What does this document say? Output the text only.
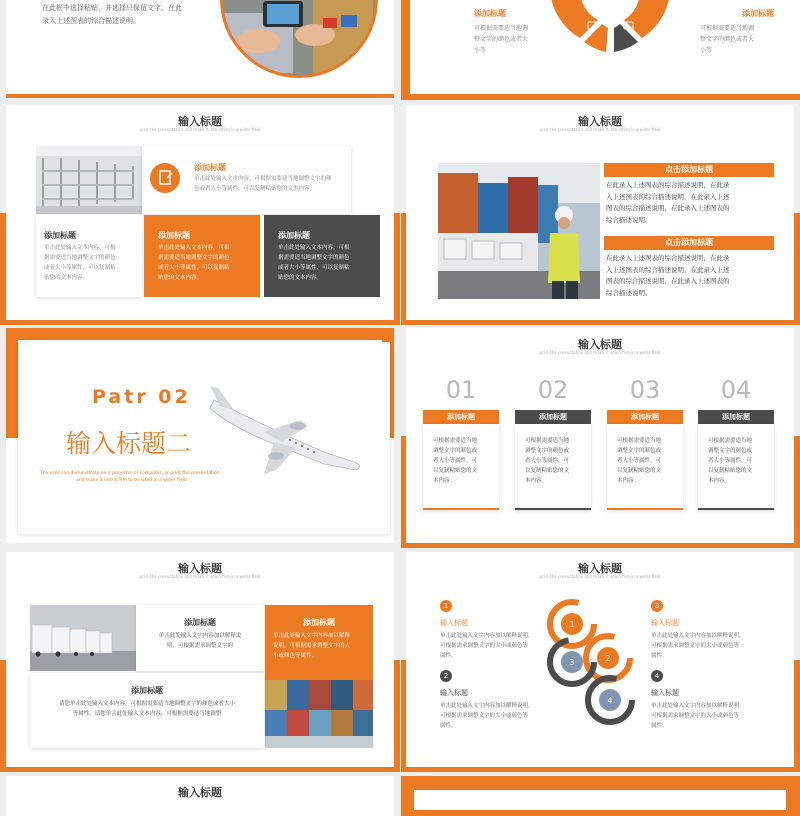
在此框中选择粘贴，并选择只保留文字。在此
录入上述图表的综合描述说明。
添加标题
可根据需要适当地调
整文字的颜色或者大
小等
添加标题
可根据需要适当地调
整文字的颜色或者大
小等
输入标题
print the presentation and make it into a film in a wider field
添加标题
单击此处输入文本内容，可根据需要适当地调整文字的颜
色或者大小等属性，可以复制粘贴您的文本内容。
添加标题
单击此处输入文本内容，可根
据需要适当地调整文字的颜色
或者大小等属性，可以复制粘
贴您的文本内容。
添加标题
单击此处输入文本内容，可根
据需要适当地调整文字的颜色
或者大小等属性，可以复制粘
贴您的文本内容。
添加标题
单击此处输入文本内容，可根
据需要适当地调整文字的颜色
或者大小等属性，可以复制粘
贴您的文本内容。
输入标题
print the presentation and make it into a film in a wider field
点击添加标题
在此录入上述图表的综合描述说明，在此录
入上述图表的综合描述说明，在此录入上述
图表的综合描述说明，在此录入上述图表的
综合描述说明。
点击添加标题
在此录入上述图表的综合描述说明，在此录
入上述图表的综合描述说明，在此录入上述
图表的综合描述说明，在此录入上述图表的
综合描述说明。
Patr 02
输入标题二
The user can demonstrate on a projector or computer, or print the presentation
and make it into a film to be used in a wider field
输入标题
print the presentation and make it into a film in a wider field
01
添加标题
可根据需要适当地
调整文字的颜色或
者大小等属性，可
以复制粘贴您的文
本内容。
02
添加标题
可根据需要适当地
调整文字的颜色或
者大小等属性，可
以复制粘贴您的文
本内容。
03
添加标题
可根据需要适当地
调整文字的颜色或
者大小等属性，可
以复制粘贴您的文
本内容。
04
添加标题
可根据需要适当地
调整文字的颜色或
者大小等属性，可
以复制粘贴您的文
本内容。
输入标题
print the presentation and make it into a film in a wider field
添加标题
单击此处输入文字内容加以解释说
明，可根据需求调整文字的
添加标题
单击此处输入文字内容加以解释
说明，可根据需求调整文字的大
小或颜色等属性。
添加标题
请您单击此处输入文本内容，可根据需要适当地调整文字的颜色或者大小
等属性。请您单击此处输入文本内容，可根据需要适当地调整
输入标题
print the presentation and make it into a film in a wider field
1
输入标题
单击此处输入文字内容加以解释说明，
可根据需求调整文字的大小或颜色等
属性。
2
输入标题
单击此处输入文字内容加以解释说明，
可根据需求调整文字的大小或颜色等
属性。
3
输入标题
单击此处输入文字内容加以解释说明，
可根据需求调整文字的大小或颜色等
属性。
4
输入标题
单击此处输入文字内容加以解释说明，
可根据需求调整文字的大小或颜色等
属性。
1
2
3
4
输入标题
